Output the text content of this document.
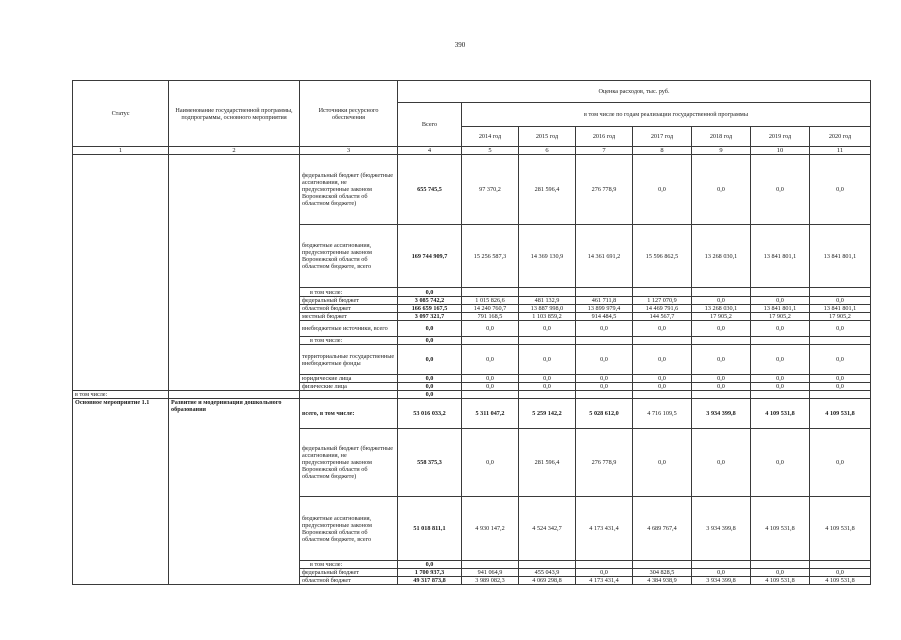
390
Статус	Наименование государственной программы, подпрограммы, основного мероприятия	Источники ресурсного обеспечения	Оценка расходов, тыс. руб.							
			Всего	в том числе по годам реализации государственной программы						
				2014 год	2015 год	2016 год	2017 год	2018 год	2019 год	2020 год
1	2	3	4	5	6	7	8	9	10	11
		федеральный бюджет (бюджетные ассигнования, не предусмотренные законом Воронежской области об областном бюджете)	655 745,5	97 370,2	281 596,4	276 778,9	0,0	0,0	0,0	0,0
		бюджетные ассигнования, предусмотренные законом Воронежской области об областном бюджете, всего	169 744 909,7	15 256 587,3	14 369 130,9	14 361 691,2	15 596 862,5	13 268 030,1	13 841 801,1	13 841 801,1
		в том числе:	0,0							
		федеральный бюджет	3 085 742,2	1 015 826,6	481 132,9	461 711,8	1 127 070,9	0,0	0,0	0,0
		областной бюджет	166 659 167,5	14 240 760,7	13 887 998,0	13 899 979,4	14 469 791,6	13 268 030,1	13 841 801,1	13 841 801,1
		местный бюджет	3 097 321,7	791 168,5	1 103 859,2	914 484,5	144 567,7	17 905,2	17 905,2	17 905,2
		внебюджетные источники, всего	0,0	0,0	0,0	0,0	0,0	0,0	0,0	0,0
		в том числе:	0,0							
		территориальные государственные внебюджетные фонды	0,0	0,0	0,0	0,0	0,0	0,0	0,0	0,0
		юридические лица	0,0	0,0	0,0	0,0	0,0	0,0	0,0	0,0
		физические лица	0,0	0,0	0,0	0,0	0,0	0,0	0,0	0,0
в том числе:			0,0							
Основное мероприятие 1.1	Развитие и модернизация дошкольного образования	всего, в том числе:	53 016 033,2	5 311 047,2	5 259 142,2	5 028 612,0	4 716 109,5	3 934 399,8	4 109 531,8	4 109 531,8
		федеральный бюджет (бюджетные ассигнования, не предусмотренные законом Воронежской области об областном бюджете)	558 375,3	0,0	281 596,4	276 778,9	0,0	0,0	0,0	0,0
		бюджетные ассигнования, предусмотренные законом Воронежской области об областном бюджете, всего	51 018 811,1	4 930 147,2	4 524 342,7	4 173 431,4	4 689 767,4	3 934 399,8	4 109 531,8	4 109 531,8
		в том числе:	0,0							
		федеральный бюджет	1 700 937,3	941 064,9	455 043,9	0,0	304 828,5	0,0	0,0	0,0
		областной бюджет	49 317 873,8	3 989 082,3	4 069 298,8	4 173 431,4	4 384 938,9	3 934 399,8	4 109 531,8	4 109 531,8
